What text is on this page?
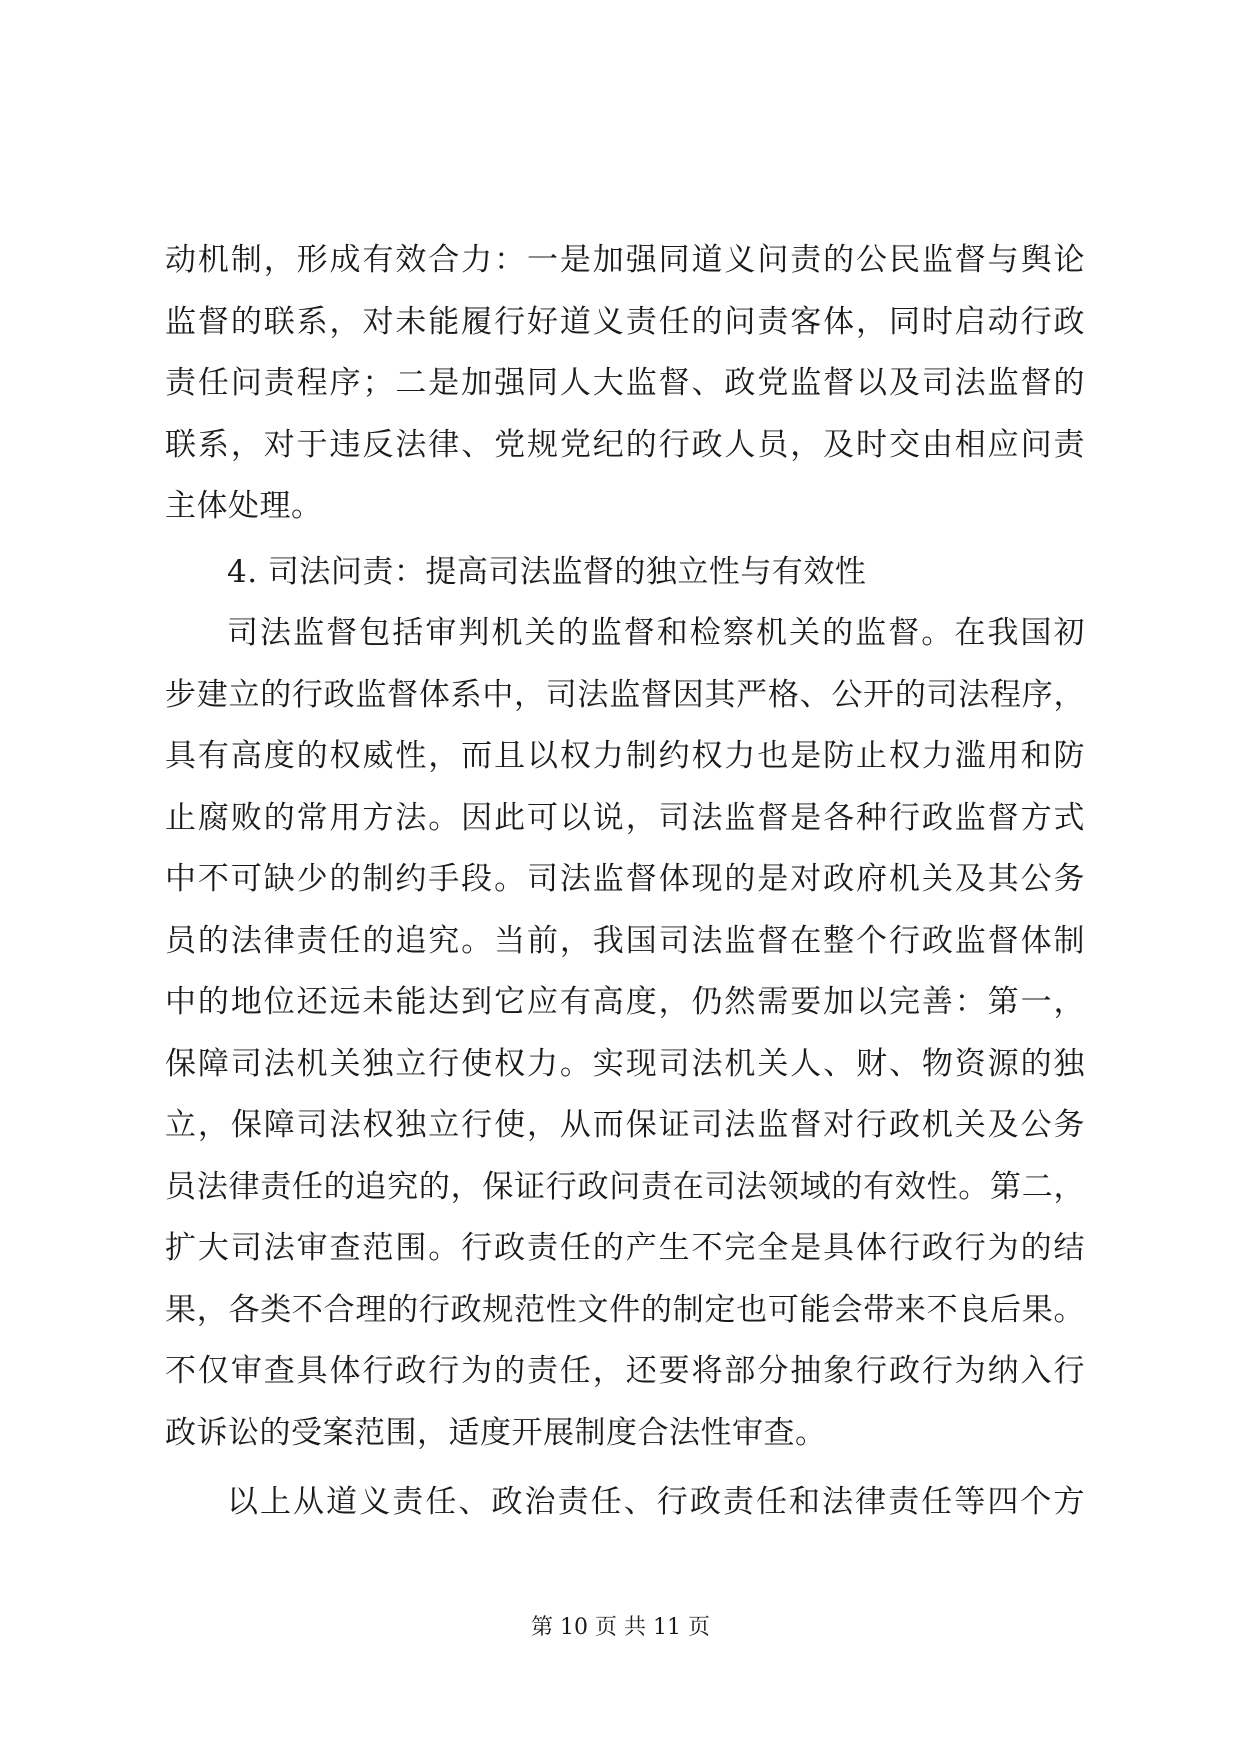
动机制，形成有效合力：一是加强同道义问责的公民监督与舆论
监督的联系，对未能履行好道义责任的问责客体，同时启动行政
责任问责程序；二是加强同人大监督、政党监督以及司法监督的
联系，对于违反法律、党规党纪的行政人员，及时交由相应问责
主体处理。
4. 司法问责：提高司法监督的独立性与有效性
司法监督包括审判机关的监督和检察机关的监督。在我国初
步建立的行政监督体系中，司法监督因其严格、公开的司法程序，
具有高度的权威性，而且以权力制约权力也是防止权力滥用和防
止腐败的常用方法。因此可以说，司法监督是各种行政监督方式
中不可缺少的制约手段。司法监督体现的是对政府机关及其公务
员的法律责任的追究。当前，我国司法监督在整个行政监督体制
中的地位还远未能达到它应有高度，仍然需要加以完善：第一，
保障司法机关独立行使权力。实现司法机关人、财、物资源的独
立，保障司法权独立行使，从而保证司法监督对行政机关及公务
员法律责任的追究的，保证行政问责在司法领域的有效性。第二，
扩大司法审查范围。行政责任的产生不完全是具体行政行为的结
果，各类不合理的行政规范性文件的制定也可能会带来不良后果。
不仅审查具体行政行为的责任，还要将部分抽象行政行为纳入行
政诉讼的受案范围，适度开展制度合法性审查。
以上从道义责任、政治责任、行政责任和法律责任等四个方
第 10 页 共 11 页
